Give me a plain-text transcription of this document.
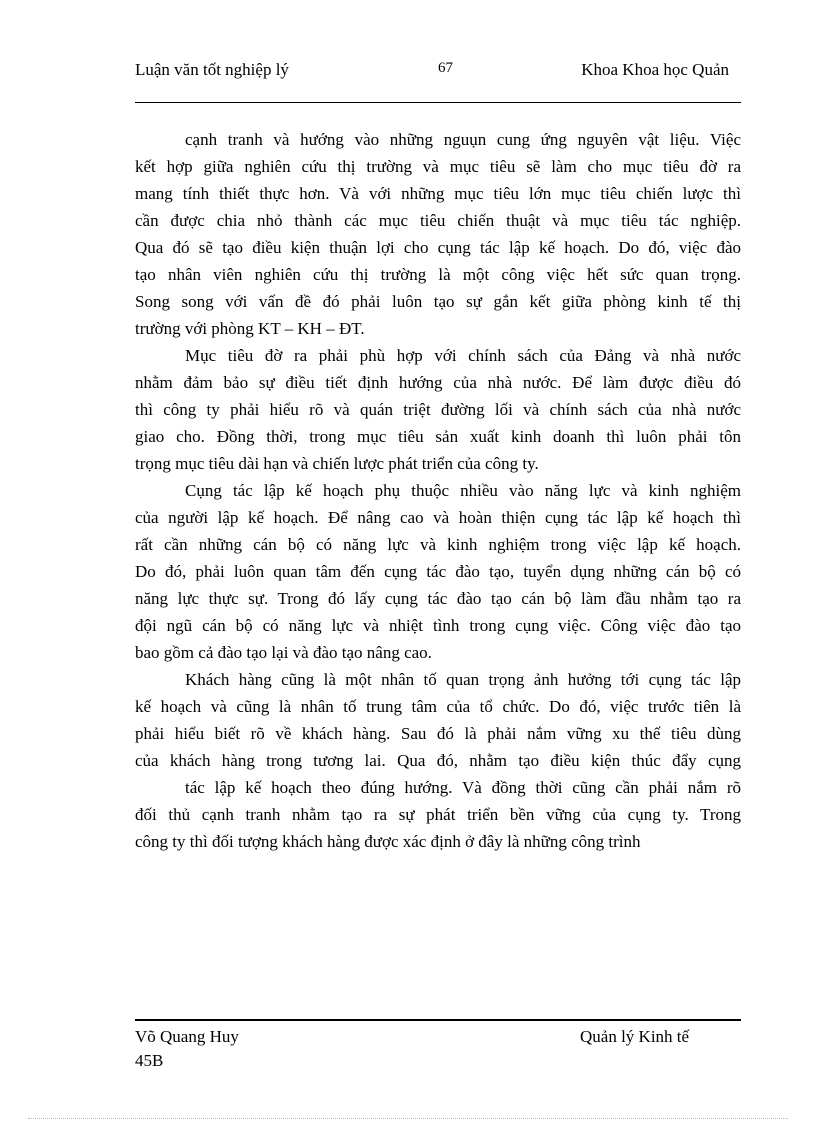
Luận văn tốt nghiệp lý	67	Khoa Khoa học Quản
cạnh tranh và hướng vào những nguụn cung ứng nguyên vật liệu. Việc
kết hợp giữa nghiên cứu thị trường và mục tiêu sẽ làm cho mục tiêu đờ ra
mang tính thiết thực hơn. Và với những mục tiêu lớn mục tiêu chiến lược thì
cần được chia nhỏ thành các mục tiêu chiến thuật và mục tiêu tác nghiệp.
Qua đó sẽ tạo điều kiện thuận lợi cho cụng tác lập kế hoạch. Do đó, việc đào
tạo nhân viên nghiên cứu thị trường là một công việc hết sức quan trọng.
Song song với vấn đề đó phải luôn tạo sự gắn kết giữa phòng kinh tế thị
trường với phòng KT – KH – ĐT.
Mục tiêu đờ ra phải phù hợp với chính sách của Đảng và nhà nước
nhằm đảm bảo sự điều tiết định hướng của nhà nước. Để làm được điều đó
thì công ty phải hiểu rõ và quán triệt đường lối và chính sách của nhà nước
giao cho. Đồng thời, trong mục tiêu sản xuất kinh doanh thì luôn phải tôn
trọng mục tiêu dài hạn và chiến lược phát triển của công ty.
Cụng tác lập kế hoạch phụ thuộc nhiều vào năng lực và kinh nghiệm
của người lập kế hoạch. Để nâng cao và hoàn thiện cụng tác lập kế hoạch thì
rất cần những cán bộ có năng lực và kinh nghiệm trong việc lập kế hoạch.
Do đó, phải luôn quan tâm đến cụng tác đào tạo, tuyển dụng những cán bộ có
năng lực thực sự. Trong đó lấy cụng tác đào tạo cán bộ làm đầu nhằm tạo ra
đội ngũ cán bộ có năng lực và nhiệt tình trong cụng việc. Công việc đào tạo
bao gồm cả đào tạo lại và đào tạo nâng cao.
Khách hàng cũng là một nhân tố quan trọng ảnh hưởng tới cụng tác lập
kế hoạch và cũng là nhân tố trung tâm của tổ chức. Do đó, việc trước tiên là
phải hiểu biết rõ về khách hàng. Sau đó là phải nắm vững xu thế tiêu dùng
của khách hàng trong tương lai. Qua đó, nhằm tạo điều kiện thúc đẩy cụng
tác lập kế hoạch theo đúng hướng. Và đồng thời cũng cần phải nắm rõ
đối thủ cạnh tranh nhằm tạo ra sự phát triển bền vững của cụng ty. Trong
công ty thì đối tượng khách hàng được xác định ở đây là những công trình
Võ Quang Huy 45B
Quản lý Kinh tế
